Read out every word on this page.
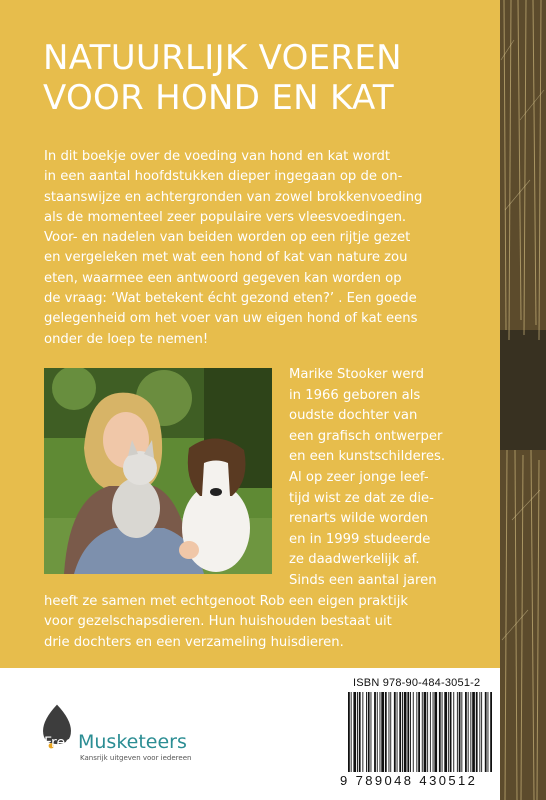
NATUURLIJK VOEREN
VOOR HOND EN KAT
In dit boekje over de voeding van hond en kat wordt
in een aantal hoofdstukken dieper ingegaan op de on-
staanswijze en achtergronden van zowel brokkenvoeding
als de momenteel zeer populaire vers vleesvoedingen.
Voor- en nadelen van beiden worden op een rijtje gezet
en vergeleken met wat een hond of kat van nature zou
eten, waarmee een antwoord gegeven kan worden op
de vraag: ‘Wat betekent écht gezond eten?’ . Een goede
gelegenheid om het voer van uw eigen hond of kat eens
onder de loep te nemen!
Marike Stooker werd
in 1966 geboren als
oudste dochter van
een grafisch ontwerper
en een kunstschilderes.
Al op zeer jonge leef-
tijd wist ze dat ze die-
renarts wilde worden
en in 1999 studeerde
ze daadwerkelijk af.
Sinds een aantal jaren
heeft ze samen met echtgenoot Rob een eigen praktijk
voor gezelschapsdieren. Hun huishouden bestaat uit
drie dochters en een verzameling huisdieren.
Free Musketeers
Kansrijk uitgeven voor iedereen
ISBN 978-90-484-3051-2
9 789048 430512
